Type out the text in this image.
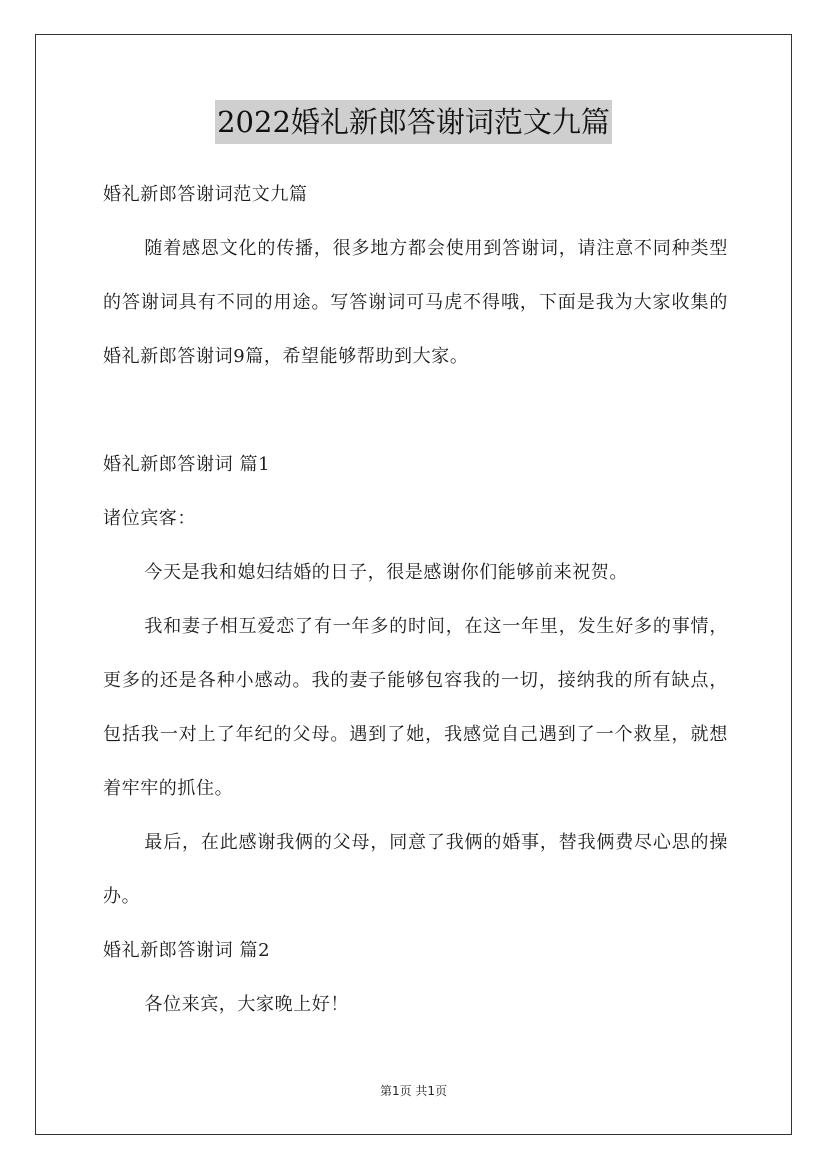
2022婚礼新郎答谢词范文九篇

婚礼新郎答谢词范文九篇

随着感恩文化的传播，很多地方都会使用到答谢词，请注意不同种类型的答谢词具有不同的用途。写答谢词可马虎不得哦，下面是我为大家收集的婚礼新郎答谢词9篇，希望能够帮助到大家。

婚礼新郎答谢词 篇1

诸位宾客：

今天是我和媳妇结婚的日子，很是感谢你们能够前来祝贺。

我和妻子相互爱恋了有一年多的时间，在这一年里，发生好多的事情，更多的还是各种小感动。我的妻子能够包容我的一切，接纳我的所有缺点，包括我一对上了年纪的父母。遇到了她，我感觉自己遇到了一个救星，就想着牢牢的抓住。

最后，在此感谢我俩的父母，同意了我俩的婚事，替我俩费尽心思的操办。

婚礼新郎答谢词 篇2

各位来宾，大家晚上好！

第1页 共1页
